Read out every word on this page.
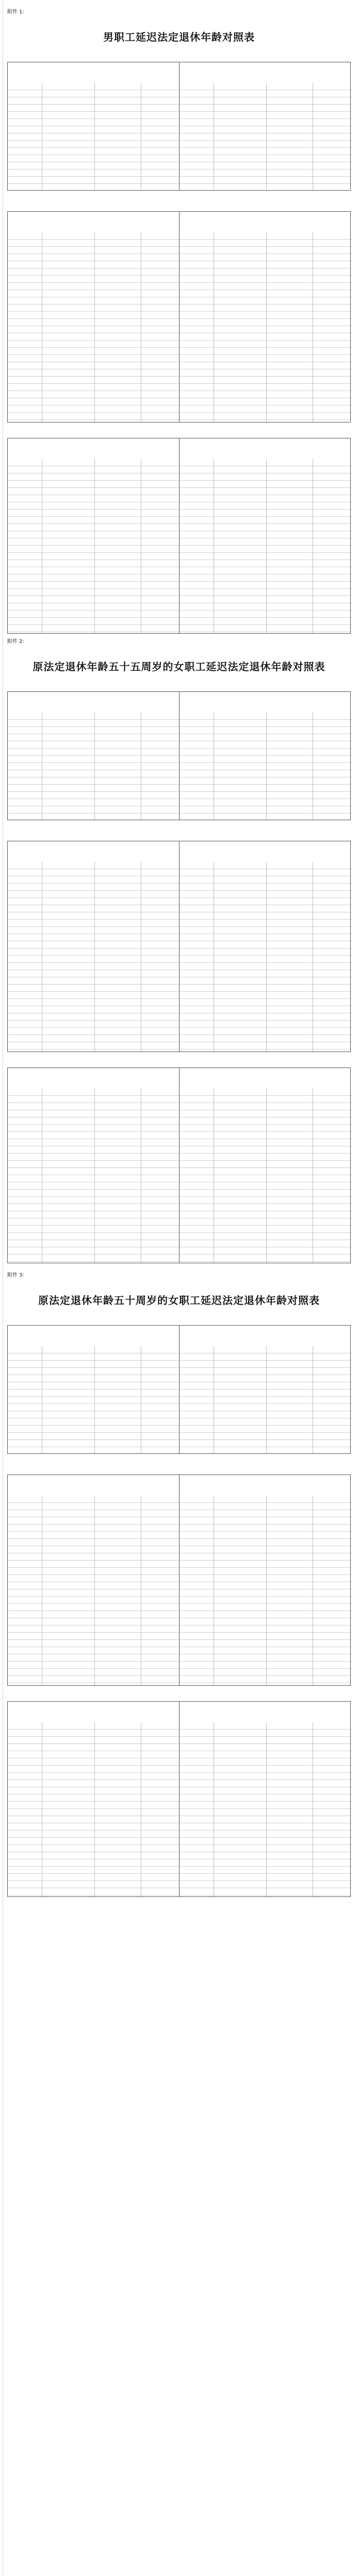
附件 1：
男职工延迟法定退休年龄对照表
附件 2：
原法定退休年龄五十五周岁的女职工延迟法定退休年龄对照表
附件 3：
原法定退休年龄五十周岁的女职工延迟法定退休年龄对照表
